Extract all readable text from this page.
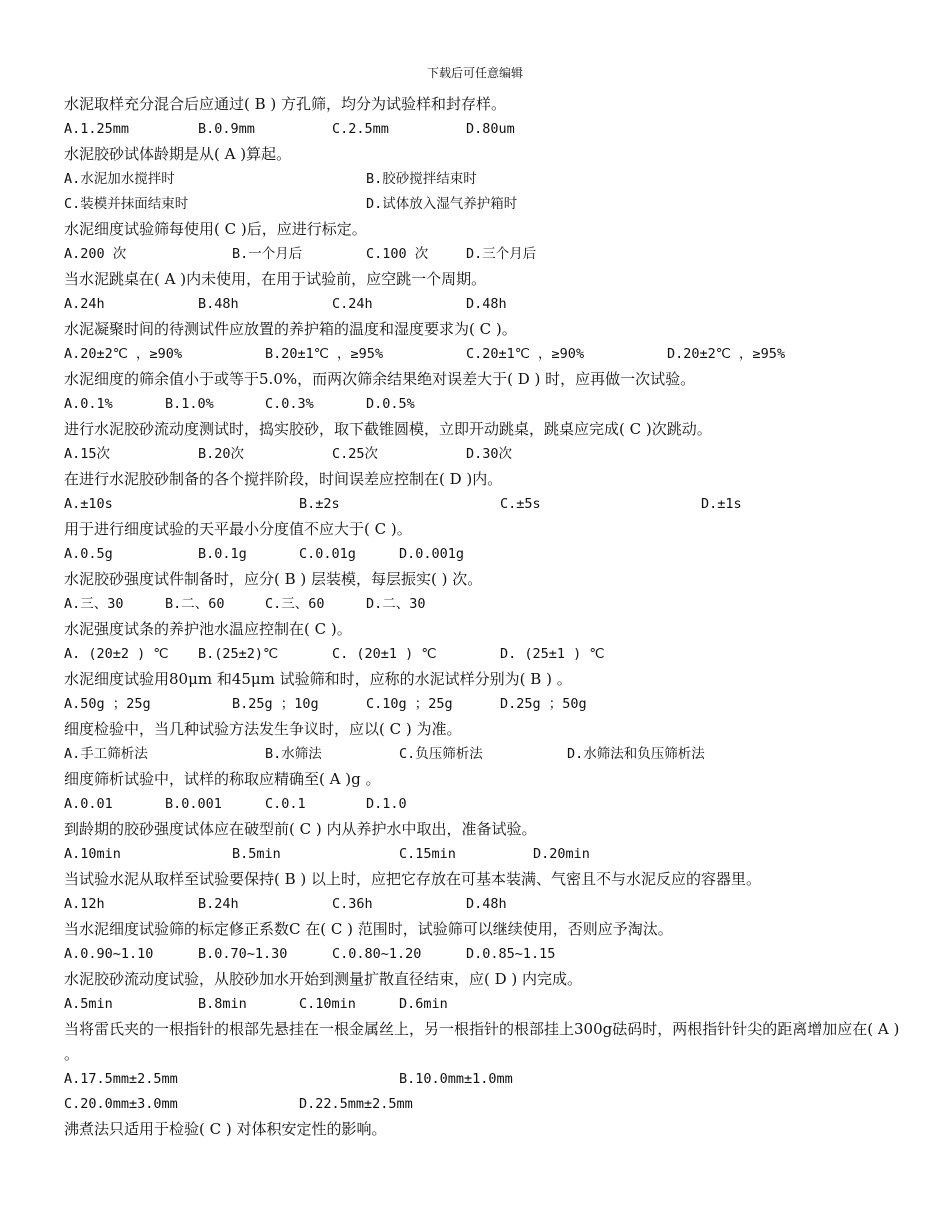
下载后可任意编辑
水泥取样充分混合后应通过( B ) 方孔筛，均分为试验样和封存样。
A.1.25mm	B.0.9mm	C.2.5mm	D.80um
水泥胶砂试体龄期是从( A )算起。
A.水泥加水搅拌时	B.胶砂搅拌结束时
C.装模并抹面结束时	D.试体放入湿气养护箱时
水泥细度试验筛每使用( C )后，应进行标定。
A.200 次	B.一个月后	C.100 次	D.三个月后
当水泥跳桌在( A )内未使用，在用于试验前，应空跳一个周期。
A.24h	B.48h	C.24h	D.48h
水泥凝聚时间的待测试件应放置的养护箱的温度和湿度要求为( C )。
A.20±2℃ ，≥90%	B.20±1℃ ，≥95%	C.20±1℃ ，≥90%	D.20±2℃ ，≥95%
水泥细度的筛余值小于或等于5.0%，而两次筛余结果绝对误差大于( D ) 时，应再做一次试验。
A.0.1%	B.1.0%	C.0.3%	D.0.5%
进行水泥胶砂流动度测试时，捣实胶砂，取下截锥圆模，立即开动跳桌，跳桌应完成( C )次跳动。
A.15次	B.20次	C.25次	D.30次
在进行水泥胶砂制备的各个搅拌阶段，时间误差应控制在( D )内。
A.±10s	B.±2s	C.±5s	D.±1s
用于进行细度试验的天平最小分度值不应大于( C )。
A.0.5g	B.0.1g	C.0.01g	D.0.001g
水泥胶砂强度试件制备时，应分( B ) 层装模，每层振实( ) 次。
A.三、30	B.二、60	C.三、60	D.二、30
水泥强度试条的养护池水温应控制在( C )。
A. (20±2 ) ℃ B.(25±2)℃	C. (20±1 ) ℃	D. (25±1 ) ℃
水泥细度试验用80μm 和45μm 试验筛和时，应称的水泥试样分别为( B ) 。
A.50g ；25g	B.25g ；10g	C.10g ；25g	D.25g ；50g
细度检验中，当几种试验方法发生争议时，应以( C ) 为准。
A.手工筛析法	B.水筛法	C.负压筛析法	D.水筛法和负压筛析法
细度筛析试验中，试样的称取应精确至( A )g 。
A.0.01	B.0.001	C.0.1	D.1.0
到龄期的胶砂强度试体应在破型前( C ) 内从养护水中取出，准备试验。
A.10min	B.5min	C.15min	D.20min
当试验水泥从取样至试验要保持( B ) 以上时，应把它存放在可基本装满、气密且不与水泥反应的容器里。
A.12h	B.24h	C.36h	D.48h
当水泥细度试验筛的标定修正系数C 在( C ) 范围时，试验筛可以继续使用，否则应予淘汰。
A.0.90~1.10	B.0.70~1.30	C.0.80~1.20	D.0.85~1.15
水泥胶砂流动度试验，从胶砂加水开始到测量扩散直径结束，应( D ) 内完成。
A.5min	B.8min	C.10min	D.6min
当将雷氏夹的一根指针的根部先悬挂在一根金属丝上，另一根指针的根部挂上300g砝码时，两根指针针尖的距离增加应在( A ) 。
A.17.5mm±2.5mm	B.10.0mm±1.0mm
C.20.0mm±3.0mm	D.22.5mm±2.5mm
沸煮法只适用于检验( C ) 对体积安定性的影响。
